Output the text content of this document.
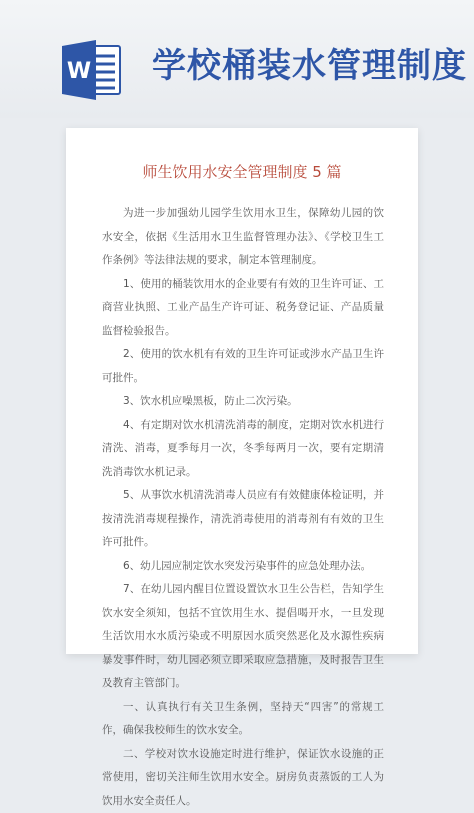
W 学校桶装水管理制度
师生饮用水安全管理制度 5 篇

为进一步加强幼儿园学生饮用水卫生，保障幼儿园的饮水安全，依据《生活用水卫生监督管理办法》、《学校卫生工作条例》等法律法规的要求，制定本管理制度。

1、使用的桶装饮用水的企业要有有效的卫生许可证、工商营业执照、工业产品生产许可证、税务登记证、产品质量监督检验报告。

2、使用的饮水机有有效的卫生许可证或涉水产品卫生许可批件。

3、饮水机应噪黑板，防止二次污染。

4、有定期对饮水机清洗消毒的制度，定期对饮水机进行清洗、消毒，夏季每月一次，冬季每两月一次，要有定期清洗消毒饮水机记录。

5、从事饮水机清洗消毒人员应有有效健康体检证明，并按清洗消毒规程操作，清洗消毒使用的消毒剂有有效的卫生许可批件。

6、幼儿园应制定饮水突发污染事件的应急处理办法。

7、在幼儿园内醒目位置设置饮水卫生公告栏，告知学生饮水安全须知，包括不宜饮用生水、提倡喝开水，一旦发现生活饮用水水质污染或不明原因水质突然恶化及水源性疾病暴发事件时，幼儿园必须立即采取应急措施，及时报告卫生及教育主管部门。

一、认真执行有关卫生条例，坚持天“四害”的常规工作，确保我校师生的饮水安全。

二、学校对饮水设施定时进行维护，保证饮水设施的正常使用，密切关注师生饮用水安全。厨房负责蒸饭的工人为饮用水安全责任人。
